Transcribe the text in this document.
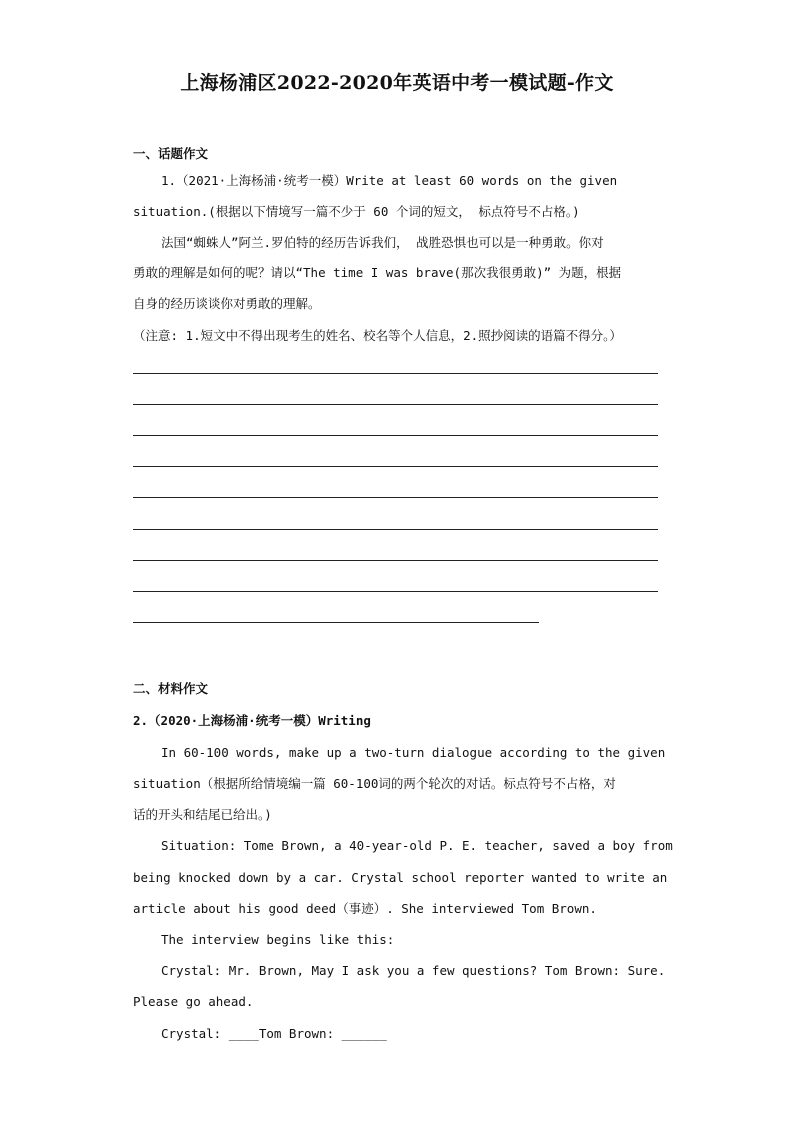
上海杨浦区2022-2020年英语中考一模试题-作文
一、话题作文
1.（2021·上海杨浦·统考一模）Write at least 60 words on the given
situation.(根据以下情境写一篇不少于 60 个词的短文， 标点符号不占格。)
法国“蜘蛛人”阿兰.罗伯特的经历告诉我们， 战胜恐惧也可以是一种勇敢。你对
勇敢的理解是如何的呢？请以“The time I was brave(那次我很勇敢)” 为题，根据
自身的经历谈谈你对勇敢的理解。
（注意: 1.短文中不得出现考生的姓名、校名等个人信息，2.照抄阅读的语篇不得分。）
二、材料作文
2.（2020·上海杨浦·统考一模）Writing
In 60-100 words, make up a two-turn dialogue according to the given
situation（根据所给情境编一篇 60-100词的两个轮次的对话。标点符号不占格，对
话的开头和结尾已给出。)
Situation: Tome Brown, a 40-year-old P. E. teacher, saved a boy from
being knocked down by a car. Crystal school reporter wanted to write an
article about his good deed（事迹）. She interviewed Tom Brown.
The interview begins like this:
Crystal: Mr. Brown, May I ask you a few questions? Tom Brown: Sure.
Please go ahead.
Crystal: ____Tom Brown: ______
